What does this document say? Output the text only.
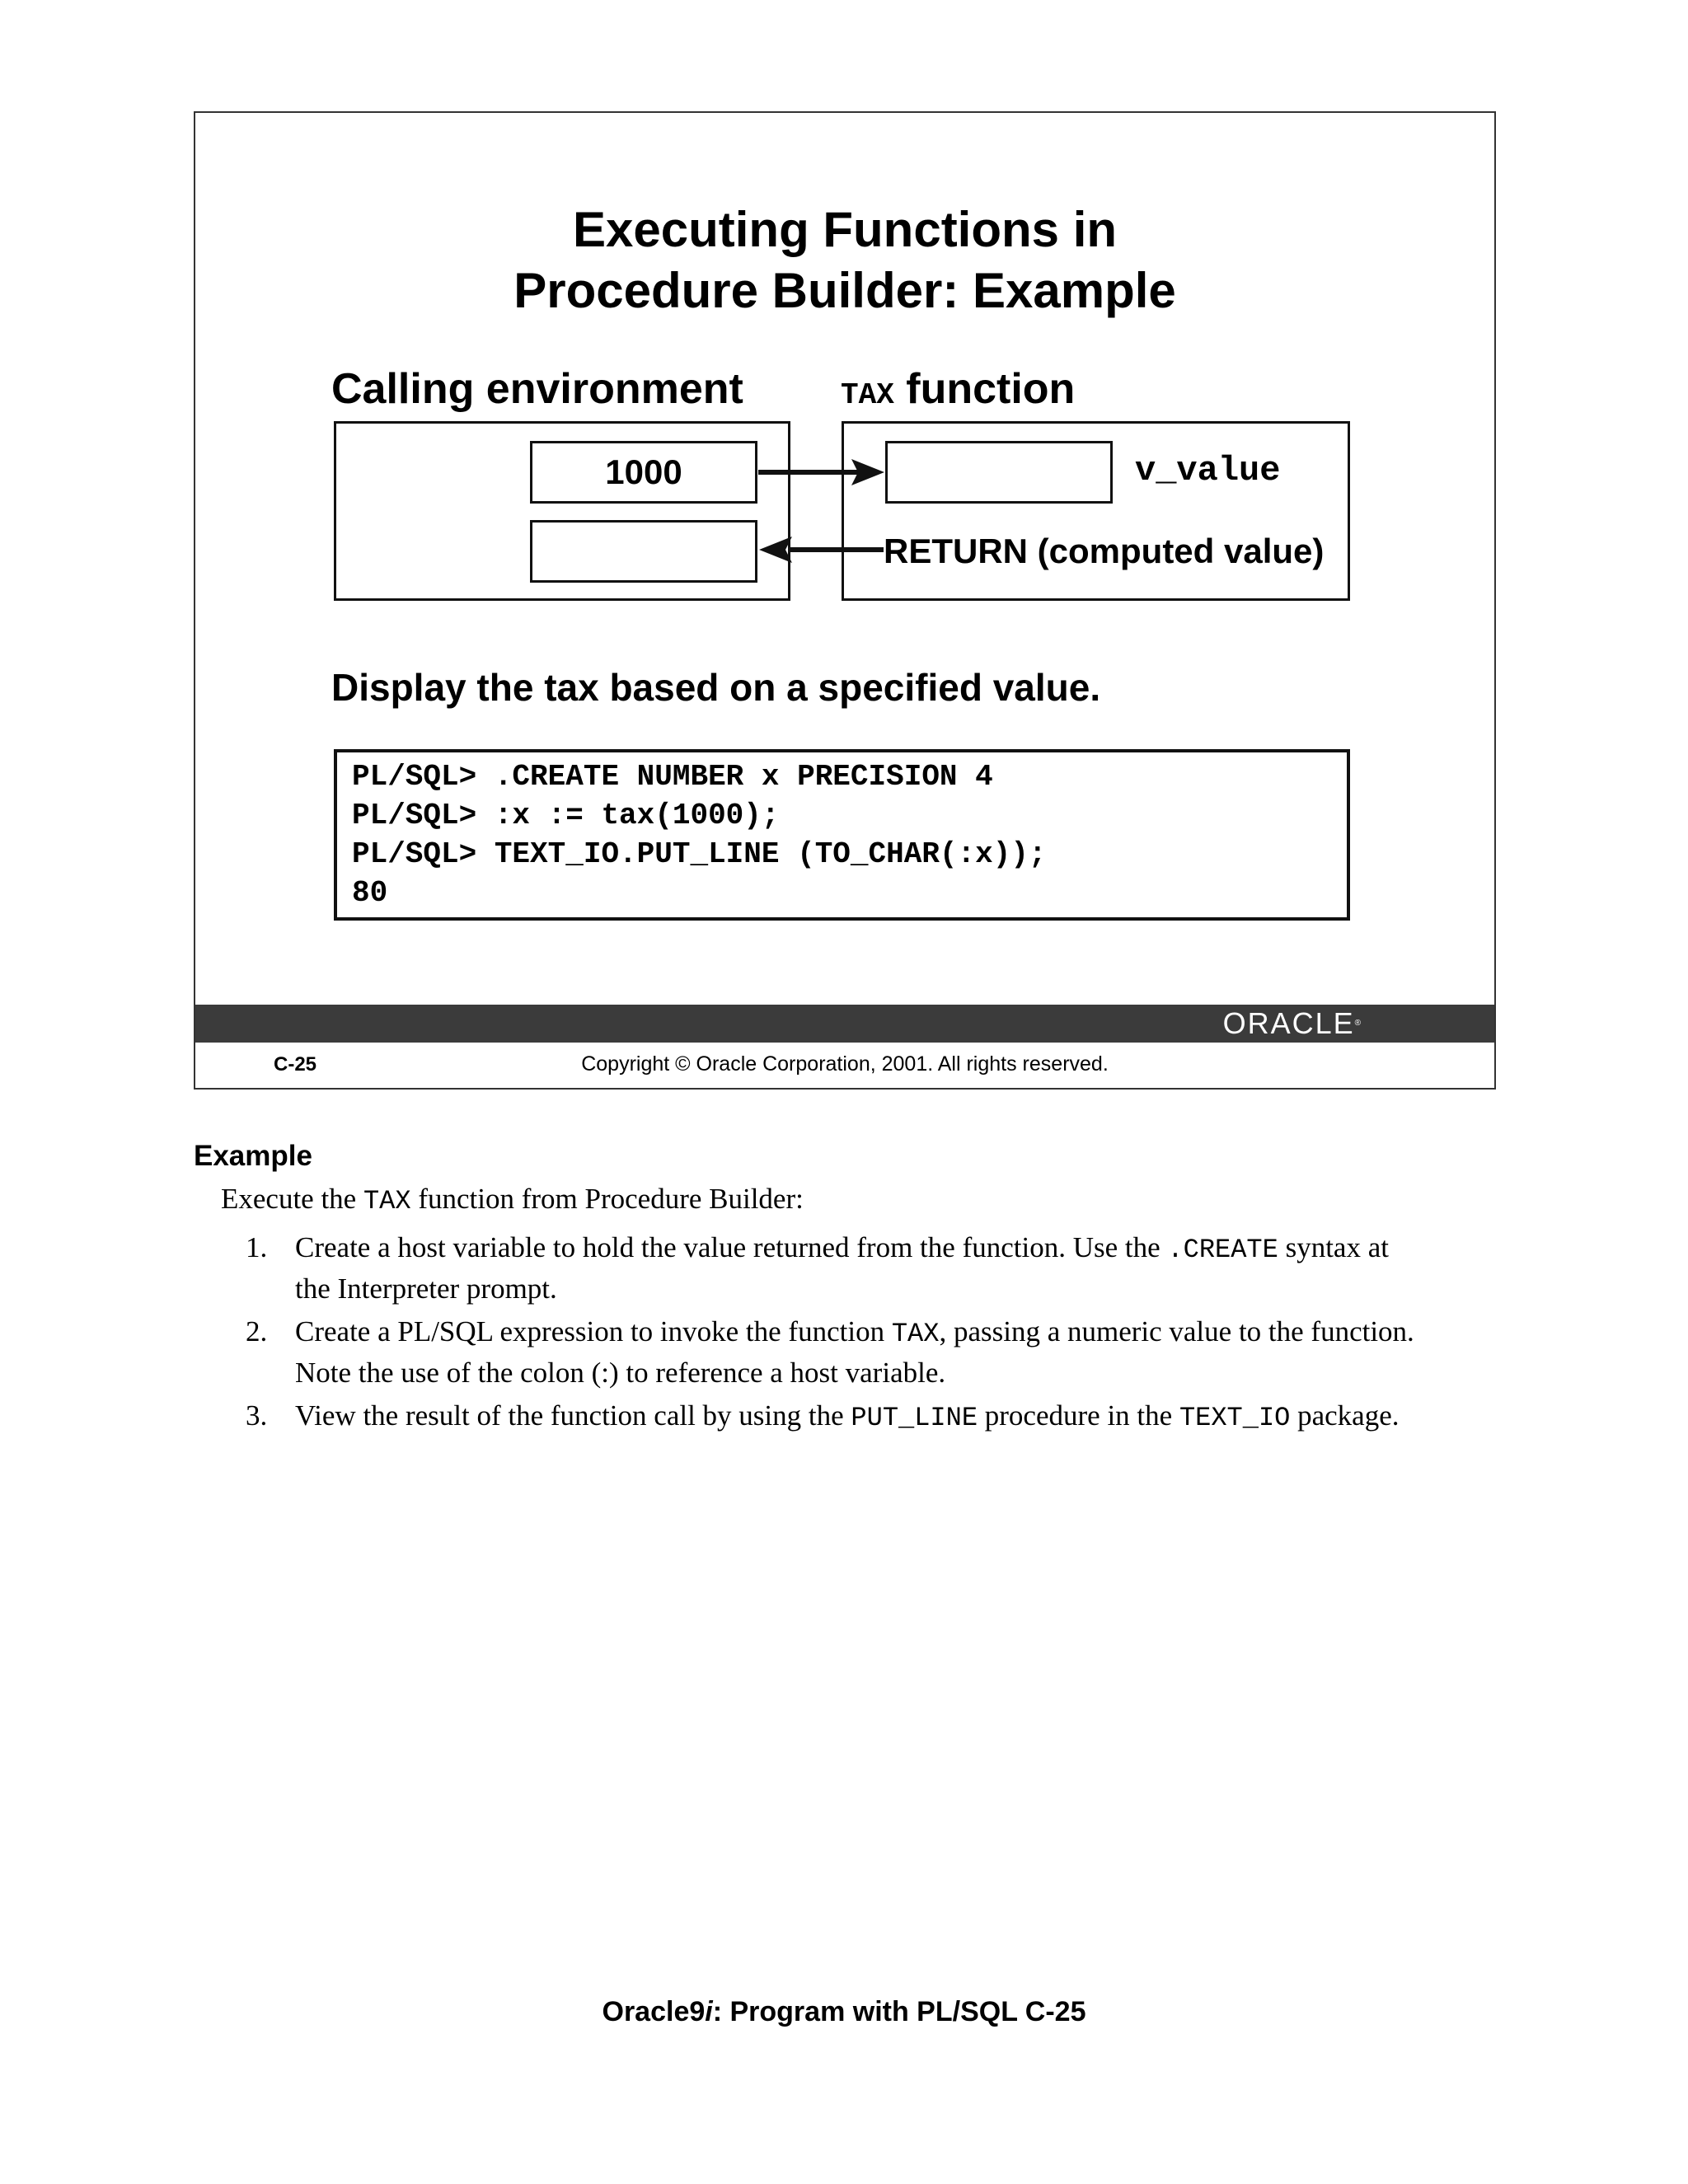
Executing Functions in
Procedure Builder: Example
Calling environment	TAX function
1000	v_value
RETURN (computed value)
Display the tax based on a specified value.
PL/SQL> .CREATE NUMBER x PRECISION 4
PL/SQL> :x := tax(1000);
PL/SQL> TEXT_IO.PUT_LINE (TO_CHAR(:x));
80
ORACLE®
C-25	Copyright © Oracle Corporation, 2001. All rights reserved.
Example
Execute the TAX function from Procedure Builder:
1. Create a host variable to hold the value returned from the function. Use the .CREATE syntax at
the Interpreter prompt.
2. Create a PL/SQL expression to invoke the function TAX, passing a numeric value to the function.
Note the use of the colon (:) to reference a host variable.
3. View the result of the function call by using the PUT_LINE procedure in the TEXT_IO package.
Oracle9i: Program with PL/SQL C-25
